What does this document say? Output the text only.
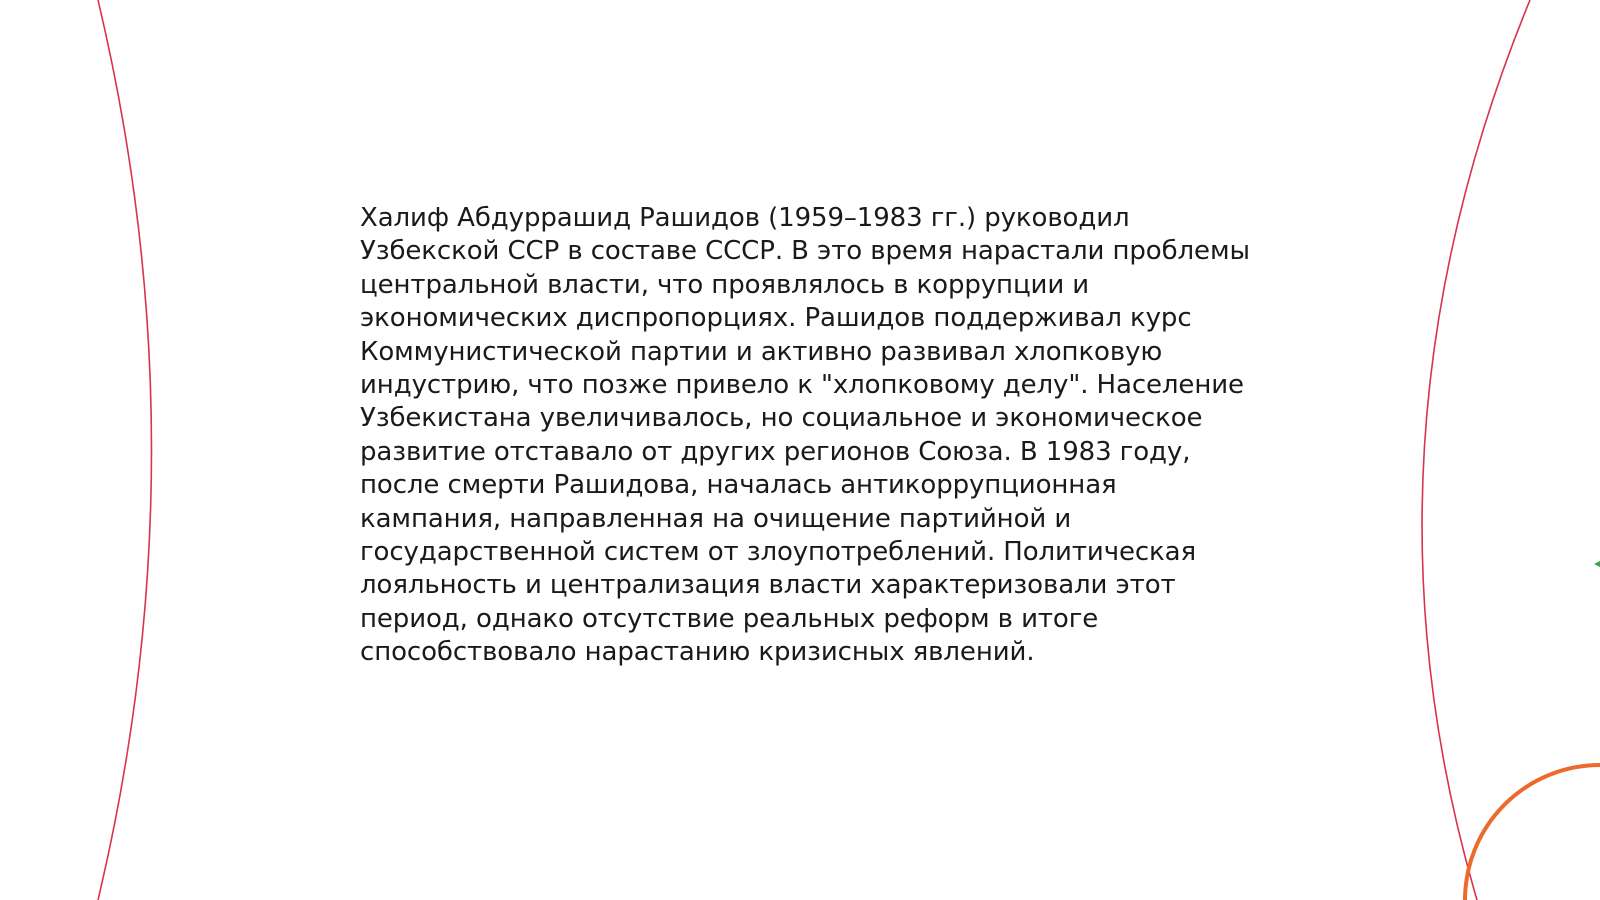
Халиф Абдуррашид Рашидов (1959–1983 гг.) руководил
Узбекской ССР в составе СССР. В это время нарастали проблемы
центральной власти, что проявлялось в коррупции и
экономических диспропорциях. Рашидов поддерживал курс
Коммунистической партии и активно развивал хлопковую
индустрию, что позже привело к "хлопковому делу". Население
Узбекистана увеличивалось, но социальное и экономическое
развитие отставало от других регионов Союза. В 1983 году,
после смерти Рашидова, началась антикоррупционная
кампания, направленная на очищение партийной и
государственной систем от злоупотреблений. Политическая
лояльность и централизация власти характеризовали этот
период, однако отсутствие реальных реформ в итоге
способствовало нарастанию кризисных явлений.
